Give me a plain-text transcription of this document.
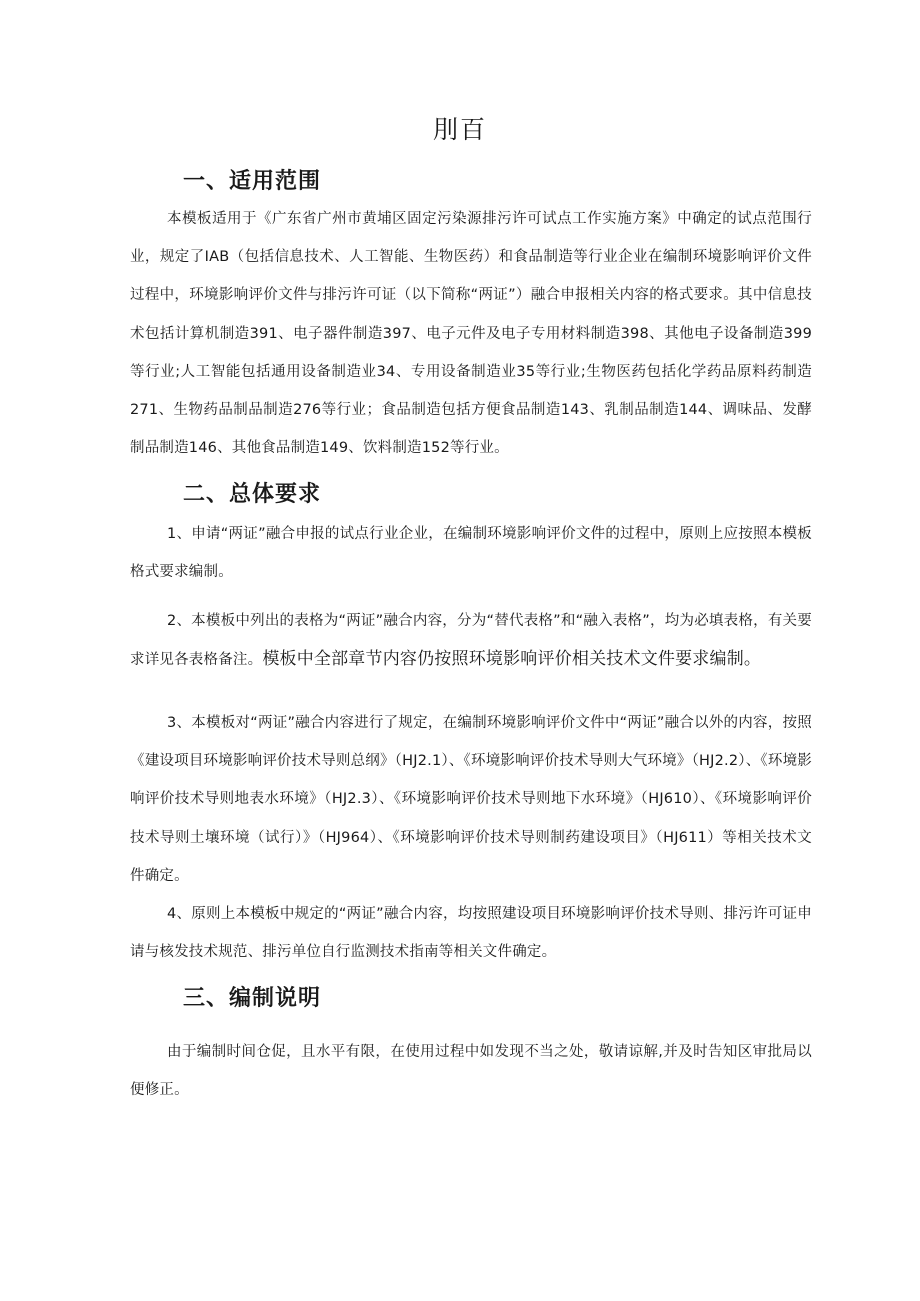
刖百
一、适用范围

本模板适用于《广东省广州市黄埔区固定污染源排污许可试点工作实施方案》中确定的试点范围行业，规定了IAB（包括信息技术、人工智能、生物医药）和食品制造等行业企业在编制环境影响评价文件过程中，环境影响评价文件与排污许可证（以下简称“两证”）融合申报相关内容的格式要求。其中信息技术包括计算机制造391、电子器件制造397、电子元件及电子专用材料制造398、其他电子设备制造399等行业;人工智能包括通用设备制造业34、专用设备制造业35等行业;生物医药包括化学药品原料药制造271、生物药品制品制造276等行业；食品制造包括方便食品制造143、乳制品制造144、调味品、发酵制品制造146、其他食品制造149、饮料制造152等行业。

二、总体要求

1、申请“两证”融合申报的试点行业企业，在编制环境影响评价文件的过程中，原则上应按照本模板格式要求编制。

2、本模板中列出的表格为“两证”融合内容，分为“替代表格”和“融入表格”，均为必填表格，有关要求详见各表格备注。模板中全部章节内容仍按照环境影响评价相关技术文件要求编制。

3、本模板对“两证”融合内容进行了规定，在编制环境影响评价文件中“两证”融合以外的内容，按照《建设项目环境影响评价技术导则总纲》（HJ2.1）、《环境影响评价技术导则大气环境》（HJ2.2）、《环境影响评价技术导则地表水环境》（HJ2.3）、《环境影响评价技术导则地下水环境》（HJ610）、《环境影响评价技术导则土壤环境（试行）》（HJ964）、《环境影响评价技术导则制药建设项目》（HJ611）等相关技术文件确定。

4、原则上本模板中规定的“两证”融合内容，均按照建设项目环境影响评价技术导则、排污许可证申请与核发技术规范、排污单位自行监测技术指南等相关文件确定。

三、编制说明

由于编制时间仓促，且水平有限，在使用过程中如发现不当之处，敬请谅解,并及时告知区审批局以便修正。
